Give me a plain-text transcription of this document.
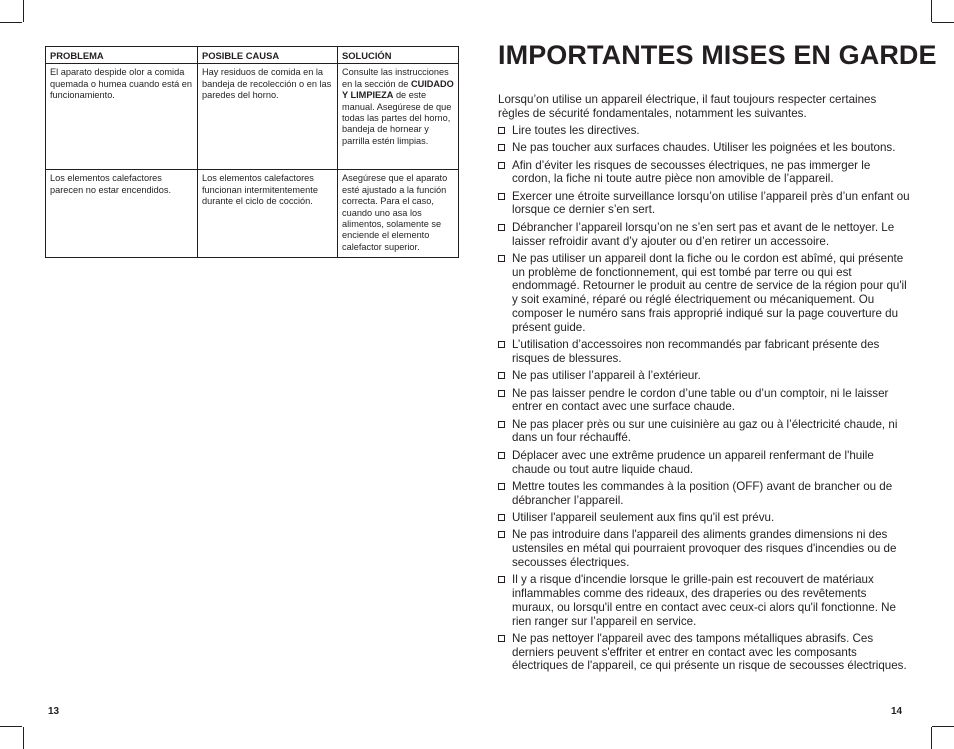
PROBLEMA	POSIBLE CAUSA	SOLUCIÓN
El aparato despide olor a comida quemada o humea cuando está en funcionamiento.	Hay residuos de comida en la bandeja de recolección o en las paredes del horno.	Consulte las instrucciones en la sección de CUIDADO Y LIMPIEZA de este manual. Asegúrese de que todas las partes del horno, bandeja de hornear y parrilla estén limpias.
Los elementos calefactores parecen no estar encendidos.	Los elementos calefactores funcionan intermitentemente durante el ciclo de cocción.	Asegúrese que el aparato esté ajustado a la función correcta. Para el caso, cuando uno asa los alimentos, solamente se enciende el elemento calefactor superior.
13
IMPORTANTES MISES EN GARDE

Lorsqu’on utilise un appareil électrique, il faut toujours respecter certaines règles de sécurité fondamentales, notamment les suivantes.

Lire toutes les directives.
Ne pas toucher aux surfaces chaudes. Utiliser les poignées et les boutons.
Afin d’éviter les risques de secousses électriques, ne pas immerger le cordon, la fiche ni toute autre pièce non amovible de l’appareil.
Exercer une étroite surveillance lorsqu’on utilise l’appareil près d’un enfant ou lorsque ce dernier s’en sert.
Débrancher l’appareil lorsqu’on ne s’en sert pas et avant de le nettoyer. Le laisser refroidir avant d’y ajouter ou d’en retirer un accessoire.
Ne pas utiliser un appareil dont la fiche ou le cordon est abîmé, qui présente un problème de fonctionnement, qui est tombé par terre ou qui est endommagé. Retourner le produit au centre de service de la région pour qu'il y soit examiné, réparé ou réglé électriquement ou mécaniquement. Ou composer le numéro sans frais approprié indiqué sur la page couverture du présent guide.
L’utilisation d’accessoires non recommandés par fabricant présente des risques de blessures.
Ne pas utiliser l’appareil à l’extérieur.
Ne pas laisser pendre le cordon d’une table ou d’un comptoir, ni le laisser entrer en contact avec une surface chaude.
Ne pas placer près ou sur une cuisinière au gaz ou à l’électricité chaude, ni dans un four réchauffé.
Déplacer avec une extrême prudence un appareil renfermant de l'huile chaude ou tout autre liquide chaud.
Mettre toutes les commandes à la position (OFF) avant de brancher ou de débrancher l’appareil.
Utiliser l'appareil seulement aux fins qu'il est prévu.
Ne pas introduire dans l'appareil des aliments grandes dimensions ni des ustensiles en métal qui pourraient provoquer des risques d'incendies ou de secousses électriques.
Il y a risque d'incendie lorsque le grille-pain est recouvert de matériaux inflammables comme des rideaux, des draperies ou des revêtements muraux, ou lorsqu'il entre en contact avec ceux-ci alors qu'il fonctionne. Ne rien ranger sur l’appareil en service.
Ne pas nettoyer l'appareil avec des tampons métalliques abrasifs. Ces derniers peuvent s'effriter et entrer en contact avec les composants électriques de l'appareil, ce qui présente un risque de secousses électriques.
14
